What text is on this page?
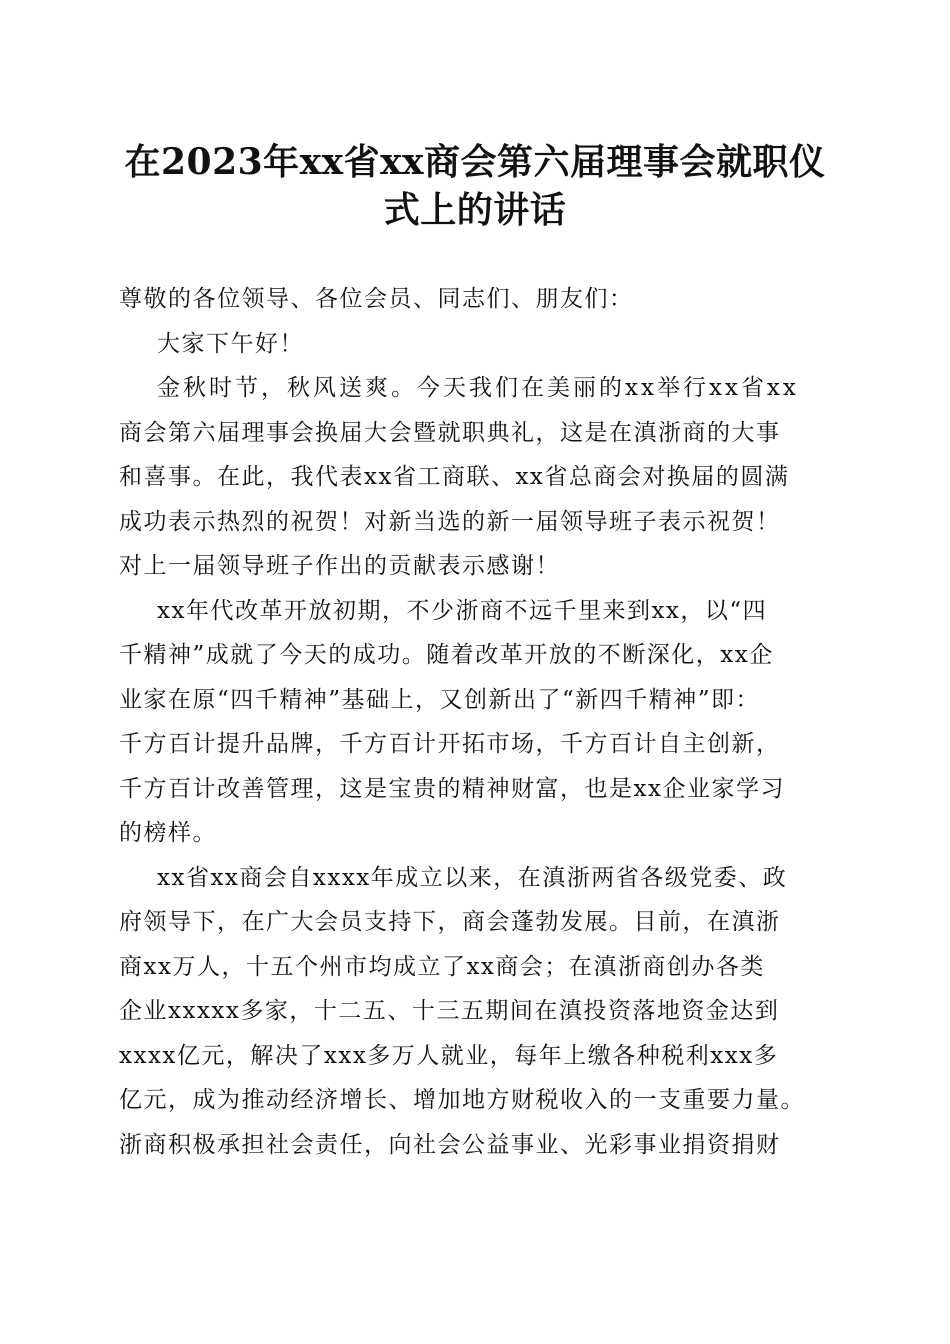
在2023年xx省xx商会第六届理事会就职仪
式上的讲话
尊敬的各位领导、各位会员、同志们、朋友们：
大家下午好！
金秋时节，秋风送爽。今天我们在美丽的xx举行xx省xx
商会第六届理事会换届大会暨就职典礼，这是在滇浙商的大事
和喜事。在此，我代表xx省工商联、xx省总商会对换届的圆满
成功表示热烈的祝贺！对新当选的新一届领导班子表示祝贺！
对上一届领导班子作出的贡献表示感谢！
xx年代改革开放初期，不少浙商不远千里来到xx，以“四
千精神”成就了今天的成功。随着改革开放的不断深化，xx企
业家在原“四千精神”基础上，又创新出了“新四千精神”即：
千方百计提升品牌，千方百计开拓市场，千方百计自主创新，
千方百计改善管理，这是宝贵的精神财富，也是xx企业家学习
的榜样。
xx省xx商会自xxxx年成立以来，在滇浙两省各级党委、政
府领导下，在广大会员支持下，商会蓬勃发展。目前，在滇浙
商xx万人，十五个州市均成立了xx商会；在滇浙商创办各类
企业xxxxx多家，十二五、十三五期间在滇投资落地资金达到
xxxx亿元，解决了xxx多万人就业，每年上缴各种税利xxx多
亿元，成为推动经济增长、增加地方财税收入的一支重要力量。
浙商积极承担社会责任，向社会公益事业、光彩事业捐资捐财
